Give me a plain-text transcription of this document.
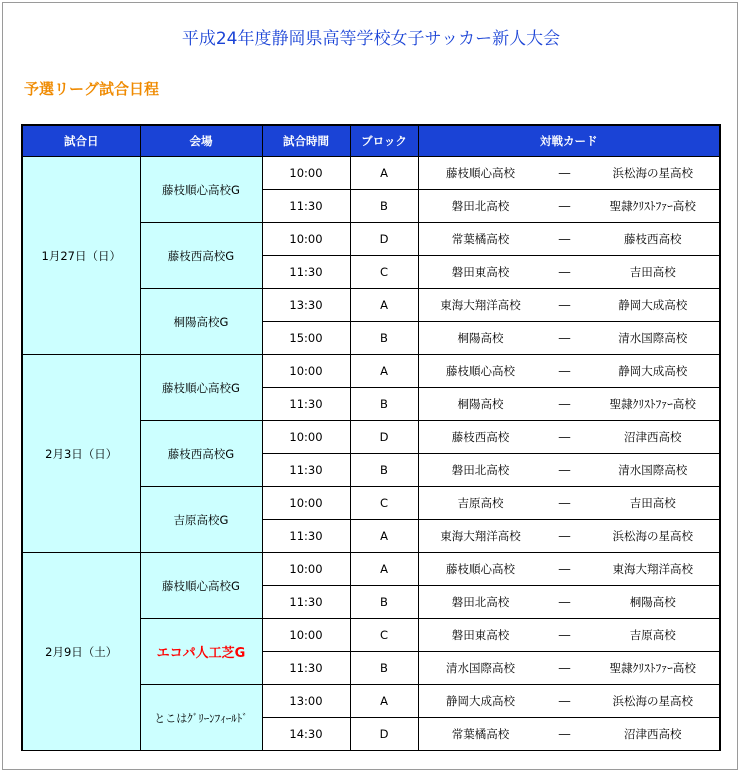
平成24年度静岡県高等学校女子サッカー新人大会
予選リーグ試合日程
試合日	会場	試合時間	ブロック	対戦カード
1月27日（日）	藤枝順心高校G	10:00	A	藤枝順心高校 ― 浜松海の星高校

		11:30	B	磐田北高校 ― 聖隷ｸﾘｽﾄﾌｧｰ高校

	藤枝西高校G	10:00	D	常葉橘高校 ― 藤枝西高校

		11:30	C	磐田東高校 ― 吉田高校

	桐陽高校G	13:30	A	東海大翔洋高校 ― 静岡大成高校

		15:00	B	桐陽高校 ― 清水国際高校

2月3日（日）	藤枝順心高校G	10:00	A	藤枝順心高校 ― 静岡大成高校

		11:30	B	桐陽高校 ― 聖隷ｸﾘｽﾄﾌｧｰ高校

	藤枝西高校G	10:00	D	藤枝西高校 ― 沼津西高校

		11:30	B	磐田北高校 ― 清水国際高校

	吉原高校G	10:00	C	吉原高校 ― 吉田高校

		11:30	A	東海大翔洋高校 ― 浜松海の星高校

2月9日（土）	藤枝順心高校G	10:00	A	藤枝順心高校 ― 東海大翔洋高校

		11:30	B	磐田北高校 ― 桐陽高校

	エコパ人工芝G	10:00	C	磐田東高校 ― 吉原高校

		11:30	B	清水国際高校 ― 聖隷ｸﾘｽﾄﾌｧｰ高校

	とこはｸﾞﾘｰﾝﾌｨｰﾙﾄﾞ	13:00	A	静岡大成高校 ― 浜松海の星高校

		14:30	D	常葉橘高校 ― 沼津西高校
